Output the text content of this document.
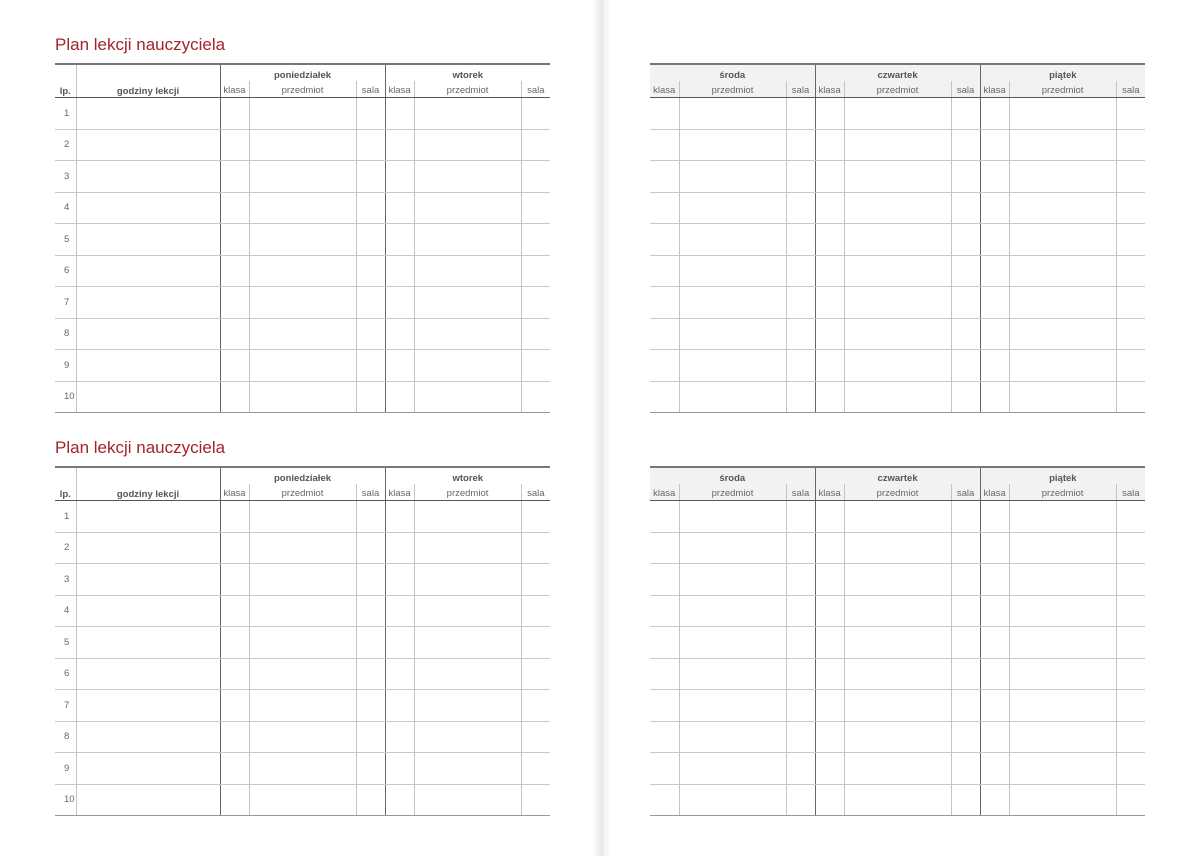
Plan lekcji nauczyciela
lp.	godziny lekcji	poniedziałek			wtorek		
		klasa	przedmiot	sala	klasa	przedmiot	sala
1							
2							
3							
4							
5							
6							
7							
8							
9							
10							
Plan lekcji nauczyciela
lp.	godziny lekcji	poniedziałek			wtorek		
		klasa	przedmiot	sala	klasa	przedmiot	sala
1							
2							
3							
4							
5							
6							
7							
8							
9							
10							
środa			czwartek			piątek		
klasa	przedmiot	sala	klasa	przedmiot	sala	klasa	przedmiot	sala

środa			czwartek			piątek		
klasa	przedmiot	sala	klasa	przedmiot	sala	klasa	przedmiot	sala
